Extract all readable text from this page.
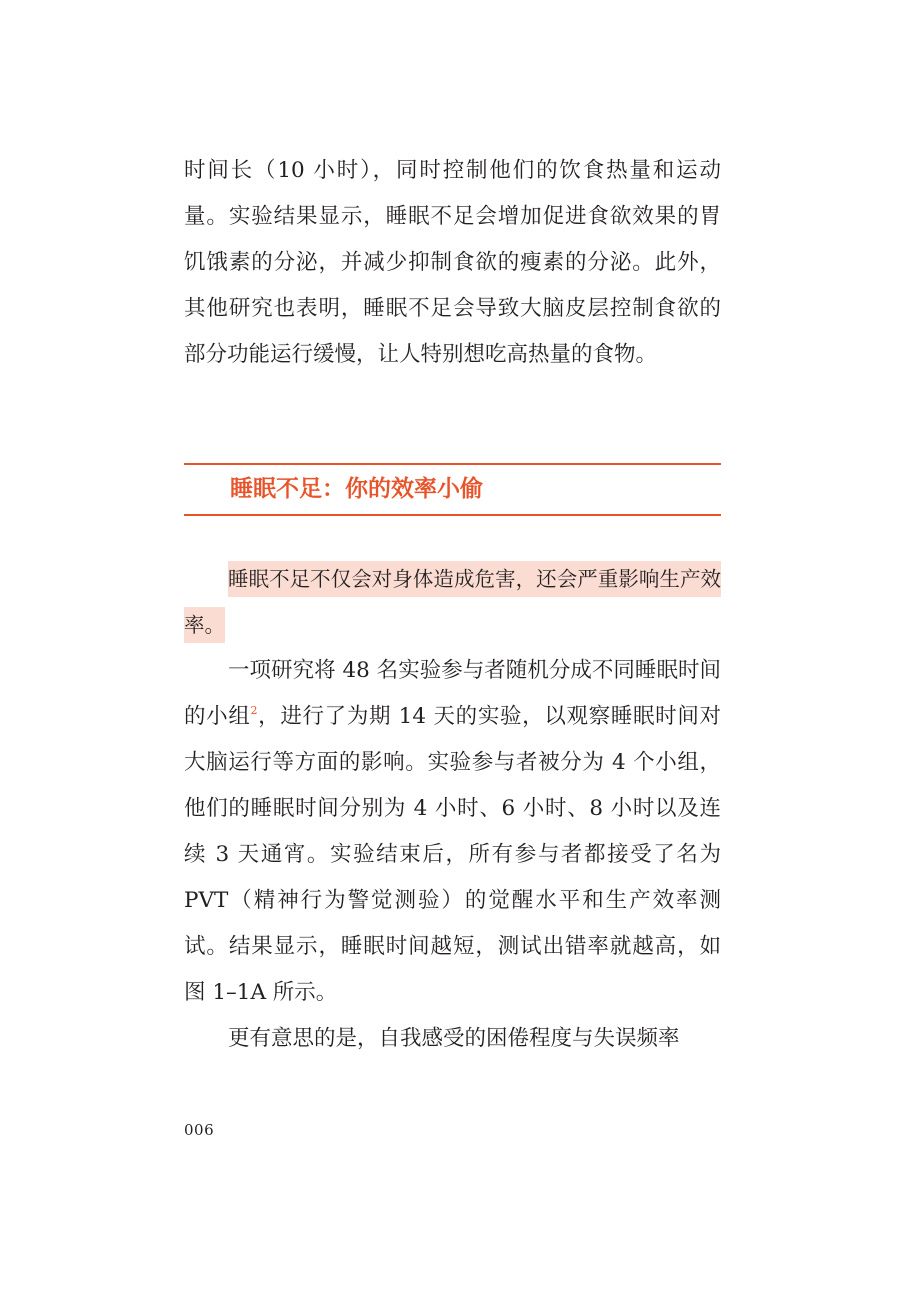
时间长（10 小时），同时控制他们的饮食热量和运动量。实验结果显示，睡眠不足会增加促进食欲效果的胃饥饿素的分泌，并减少抑制食欲的瘦素的分泌。此外，其他研究也表明，睡眠不足会导致大脑皮层控制食欲的部分功能运行缓慢，让人特别想吃高热量的食物。

睡眠不足：你的效率小偷

睡眠不足不仅会对身体造成危害，还会严重影响生产效率。

一项研究将 48 名实验参与者随机分成不同睡眠时间的小组$^2$，进行了为期 14 天的实验，以观察睡眠时间对大脑运行等方面的影响。实验参与者被分为 4 个小组，他们的睡眠时间分别为 4 小时、6 小时、8 小时以及连续 3 天通宵。实验结束后，所有参与者都接受了名为 PVT（精神行为警觉测验）的觉醒水平和生产效率测试。结果显示，睡眠时间越短，测试出错率就越高，如图 1–1A 所示。

更有意思的是，自我感受的困倦程度与失误频率

006
